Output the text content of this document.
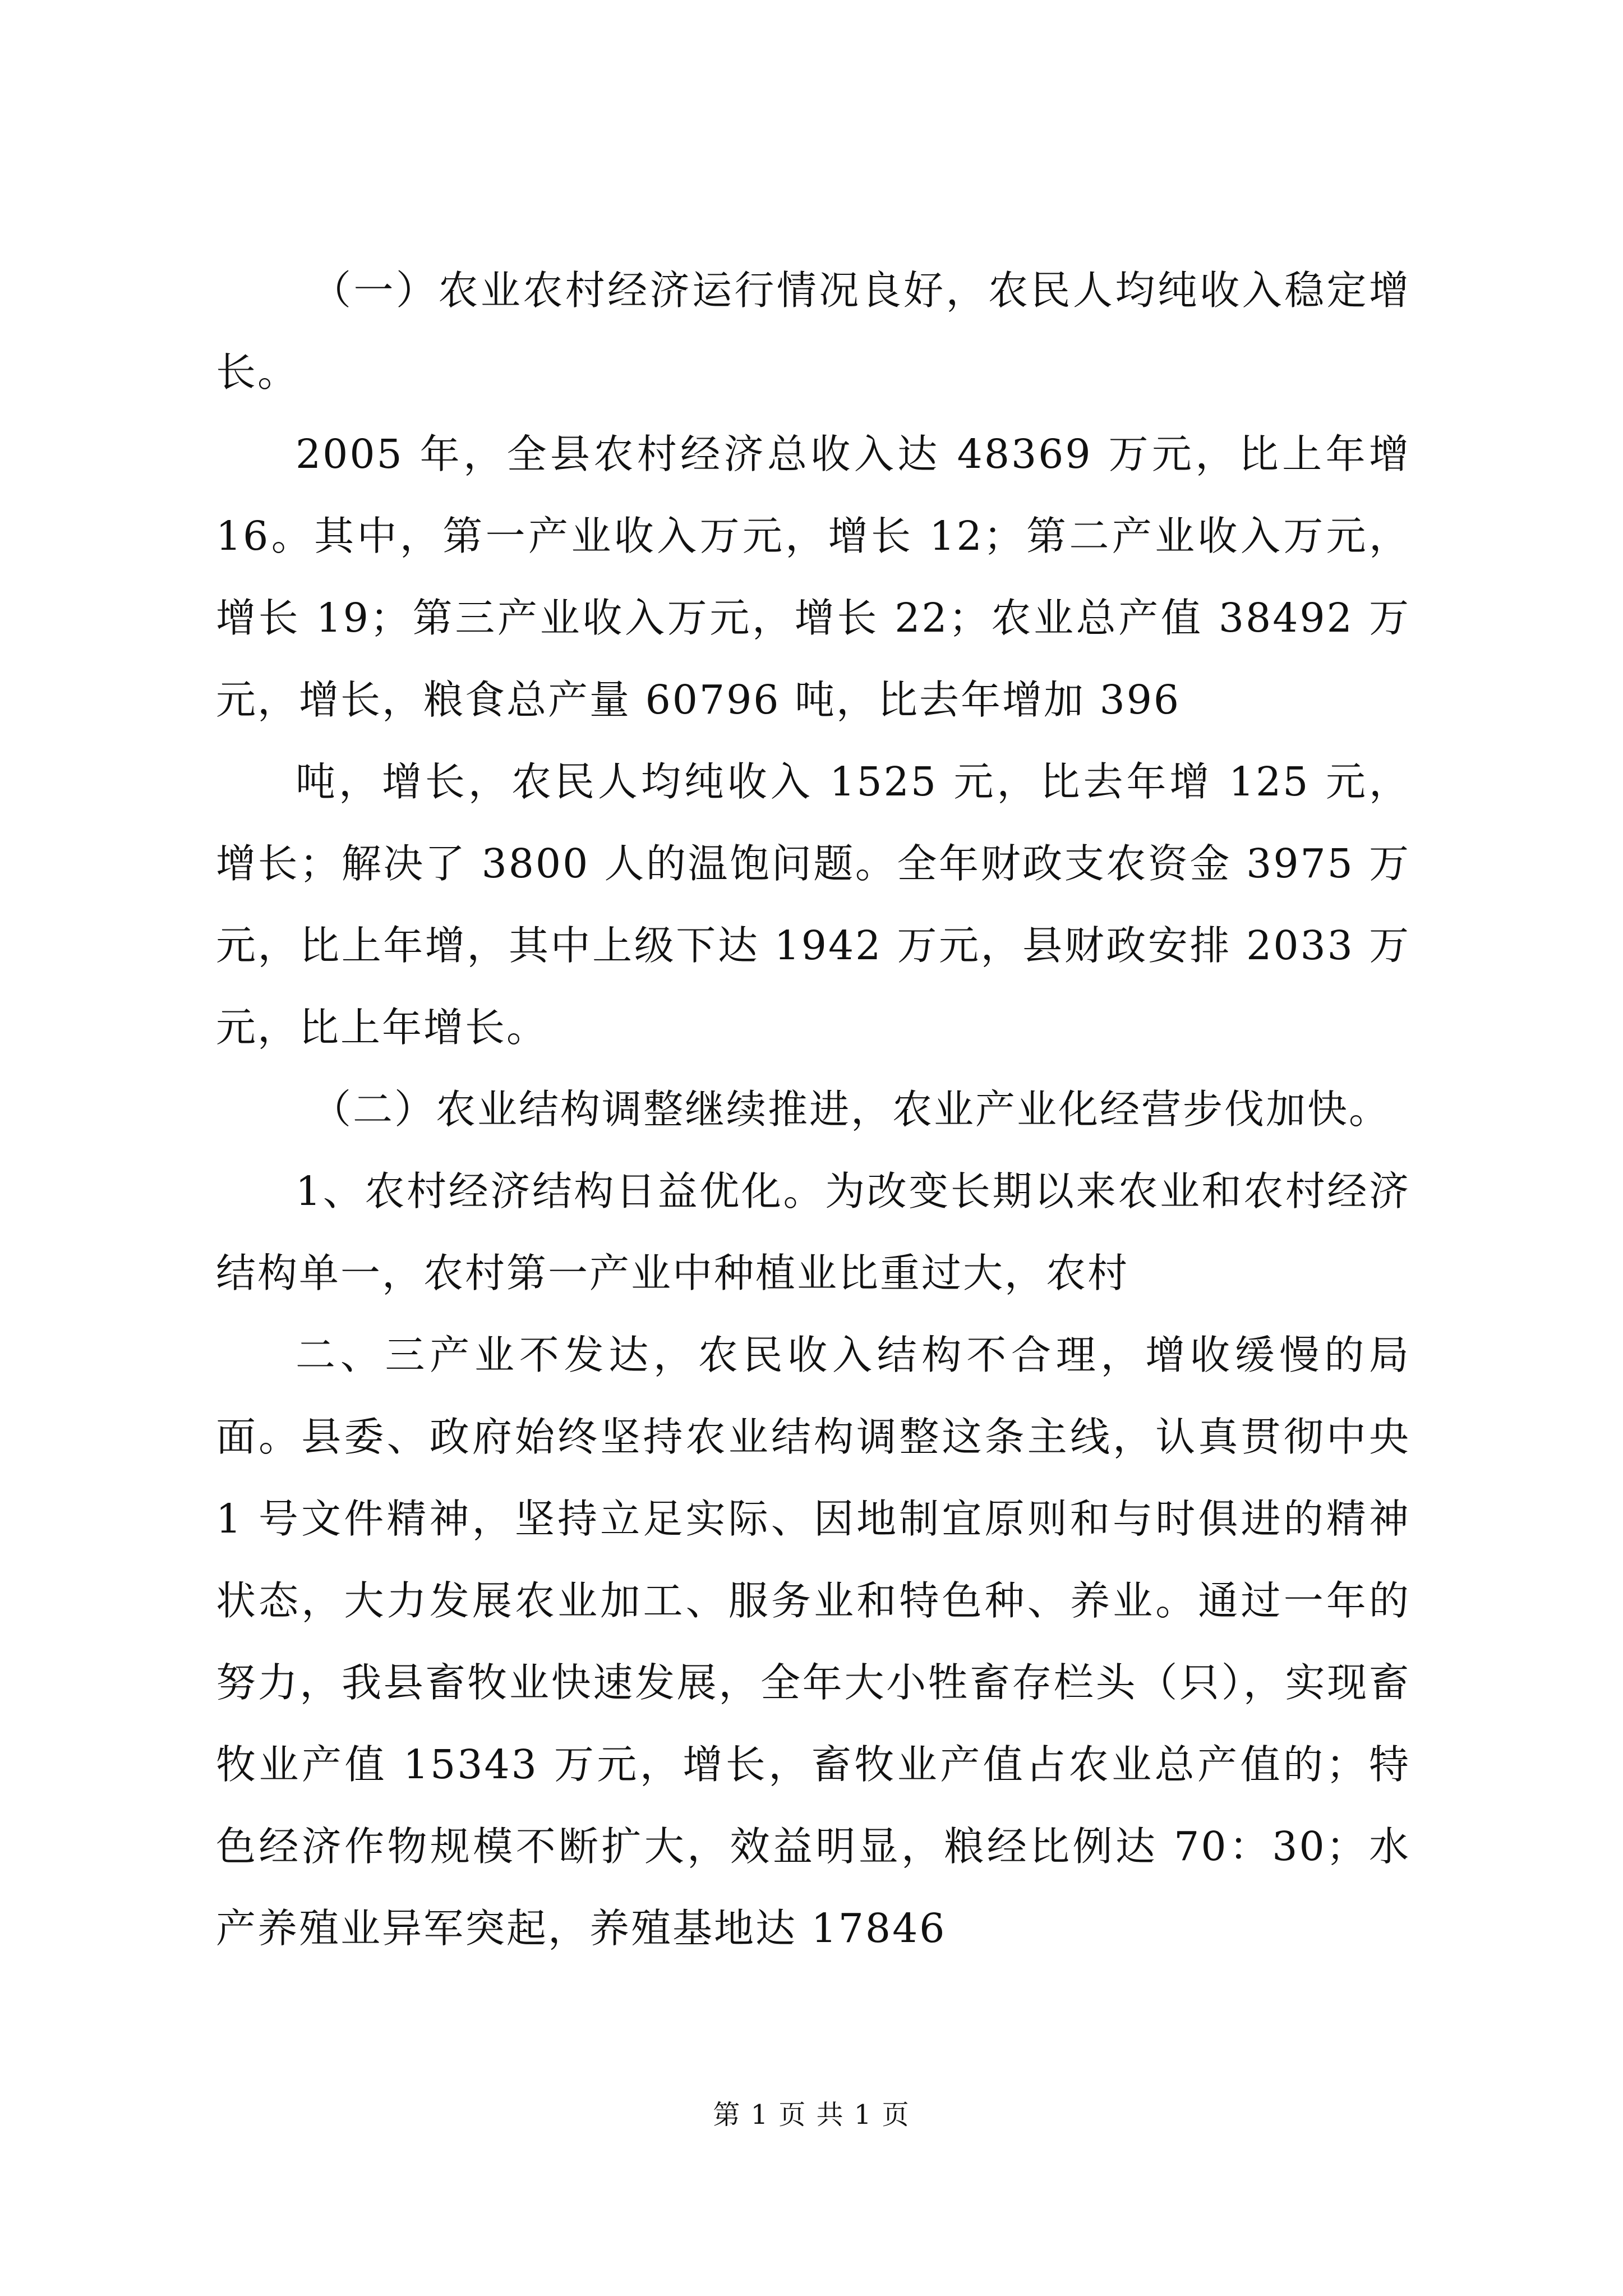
（一）农业农村经济运行情况良好，农民人均纯收入稳定增长。

2005 年，全县农村经济总收入达 48369 万元，比上年增 16。其中，第一产业收入万元，增长 12；第二产业收入万元，增长 19；第三产业收入万元，增长 22；农业总产值 38492 万元，增长，粮食总产量 60796 吨，比去年增加 396

吨，增长，农民人均纯收入 1525 元，比去年增 125 元，增长；解决了 3800 人的温饱问题。全年财政支农资金 3975 万元，比上年增，其中上级下达 1942 万元，县财政安排 2033 万元，比上年增长。

（二）农业结构调整继续推进，农业产业化经营步伐加快。

1、农村经济结构日益优化。为改变长期以来农业和农村经济结构单一，农村第一产业中种植业比重过大，农村

二、三产业不发达，农民收入结构不合理，增收缓慢的局面。县委、政府始终坚持农业结构调整这条主线，认真贯彻中央 1 号文件精神，坚持立足实际、因地制宜原则和与时俱进的精神状态，大力发展农业加工、服务业和特色种、养业。通过一年的努力，我县畜牧业快速发展，全年大小牲畜存栏头（只），实现畜牧业产值 15343 万元，增长，畜牧业产值占农业总产值的；特色经济作物规模不断扩大，效益明显，粮经比例达 70：30；水产养殖业异军突起，养殖基地达 17846

第 1 页 共 1 页
